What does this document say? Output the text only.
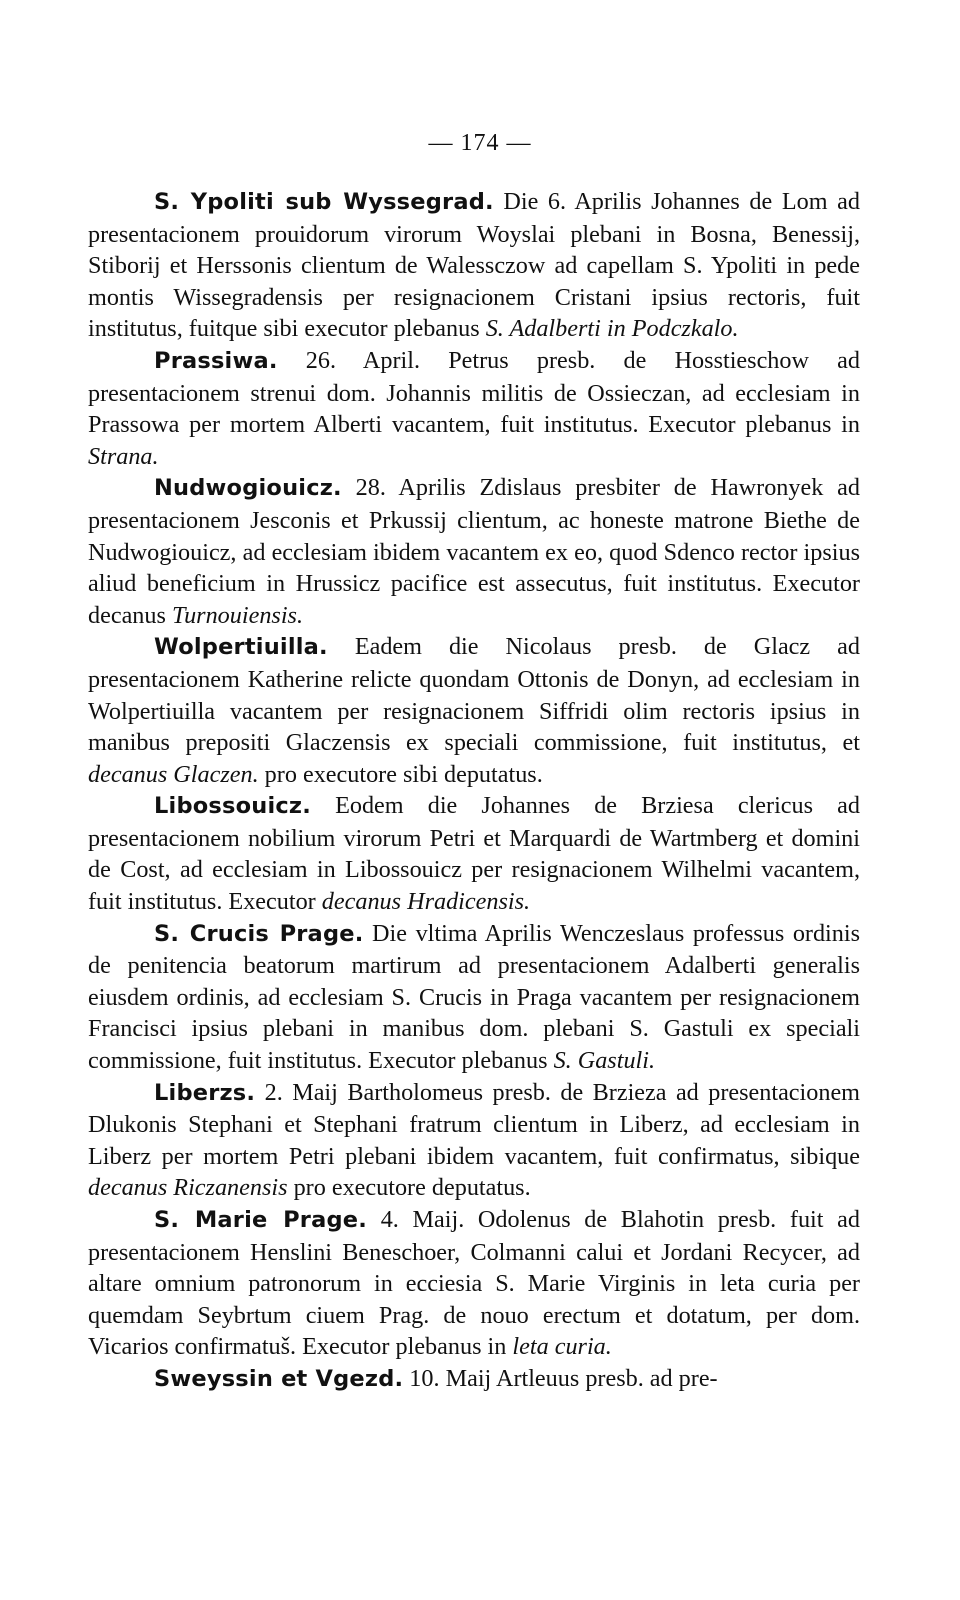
— 174 —

S. Ypoliti sub Wyssegrad. Die 6. Aprilis Johannes de Lom ad presentacionem prouidorum virorum Woyslai plebani in Bosna, Benessij, Stiborij et Herssonis clientum de Walessczow ad capellam S. Ypoliti in pede montis Wissegradensis per resignacionem Cristani ipsius rectoris, fuit institutus, fuitque sibi executor plebanus S. Adalberti in Podczkalo.

Prassiwa. 26. April. Petrus presb. de Hosstieschow ad presentacionem strenui dom. Johannis militis de Ossieczan, ad ecclesiam in Prassowa per mortem Alberti vacantem, fuit institutus. Executor plebanus in Strana.

Nudwogiouicz. 28. Aprilis Zdislaus presbiter de Hawronyek ad presentacionem Jesconis et Prkussij clientum, ac honeste matrone Biethe de Nudwogiouicz, ad ecclesiam ibidem vacantem ex eo, quod Sdenco rector ipsius aliud beneficium in Hrussicz pacifice est assecutus, fuit institutus. Executor decanus Turnouiensis.

Wolpertiuilla. Eadem die Nicolaus presb. de Glacz ad presentacionem Katherine relicte quondam Ottonis de Donyn, ad ecclesiam in Wolpertiuilla vacantem per resignacionem Siffridi olim rectoris ipsius in manibus prepositi Glaczensis ex speciali commissione, fuit institutus, et decanus Glaczen. pro executore sibi deputatus.

Libossouicz. Eodem die Johannes de Brziesa clericus ad presentacionem nobilium virorum Petri et Marquardi de Wartmberg et domini de Cost, ad ecclesiam in Libossouicz per resignacionem Wilhelmi vacantem, fuit institutus. Executor decanus Hradicensis.

S. Crucis Prage. Die vltima Aprilis Wenczeslaus professus ordinis de penitencia beatorum martirum ad presentacionem Adalberti generalis eiusdem ordinis, ad ecclesiam S. Crucis in Praga vacantem per resignacionem Francisci ipsius plebani in manibus dom. plebani S. Gastuli ex speciali commissione, fuit institutus. Executor plebanus S. Gastuli.

Liberzs. 2. Maij Bartholomeus presb. de Brzieza ad presentacionem Dlukonis Stephani et Stephani fratrum clientum in Liberz, ad ecclesiam in Liberz per mortem Petri plebani ibidem vacantem, fuit confirmatus, sibique decanus Riczanensis pro executore deputatus.

S. Marie Prage. 4. Maij. Odolenus de Blahotin presb. fuit ad presentacionem Henslini Beneschoer, Colmanni calui et Jordani Recycer, ad altare omnium patronorum in ecciesia S. Marie Virginis in leta curia per quemdam Seybrtum ciuem Prag. de nouo erectum et dotatum, per dom. Vicarios confirmatuš. Executor plebanus in leta curia.

Sweyssin et Vgezd. 10. Maij Artleuus presb. ad pre-
